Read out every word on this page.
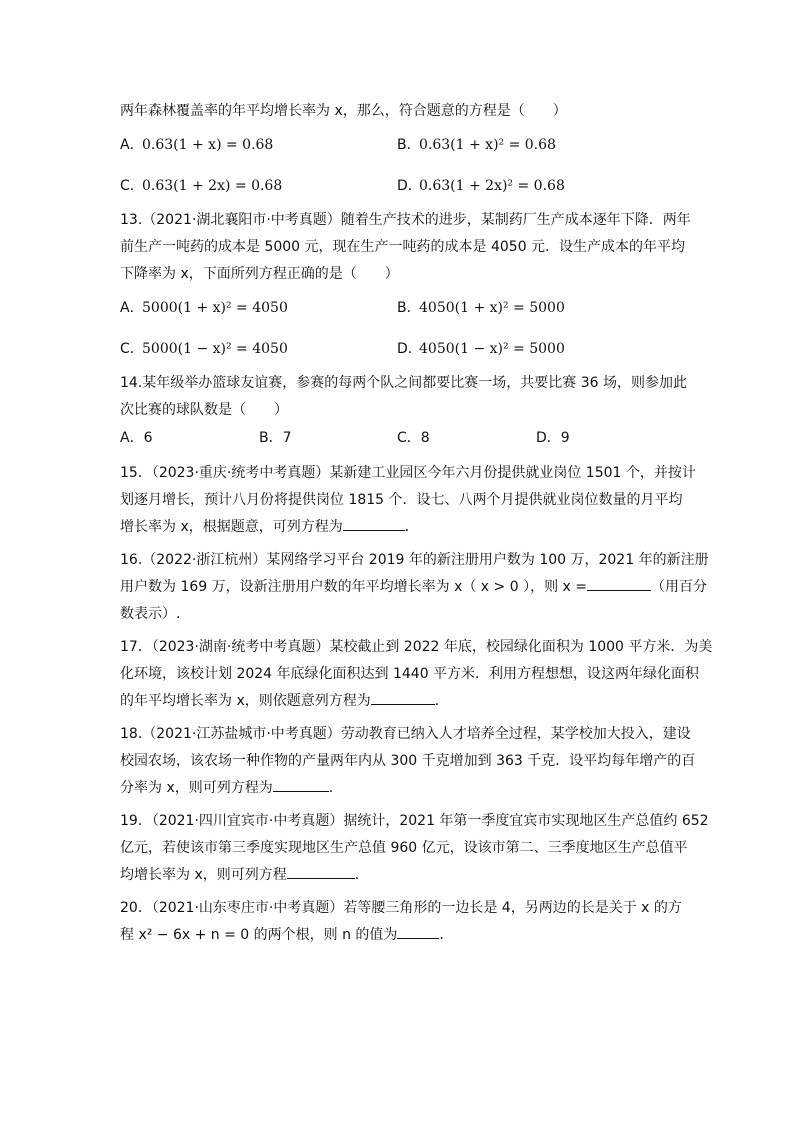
两年森林覆盖率的年平均增长率为 x，那么，符合题意的方程是（　　）
A．0.63(1 + x) = 0.68	B．0.63(1 + x)² = 0.68
C．0.63(1 + 2x) = 0.68	D．0.63(1 + 2x)² = 0.68
13.（2021·湖北襄阳市·中考真题）随着生产技术的进步，某制药厂生产成本逐年下降．两年
前生产一吨药的成本是 5000 元，现在生产一吨药的成本是 4050 元．设生产成本的年平均
下降率为 x，下面所列方程正确的是（　　）
A．5000(1 + x)² = 4050	B．4050(1 + x)² = 5000
C．5000(1 − x)² = 4050	D．4050(1 − x)² = 5000
14.某年级举办篮球友谊赛，参赛的每两个队之间都要比赛一场，共要比赛 36 场，则参加此
次比赛的球队数是（　　）
A．6	B．7	C．8	D．9
15．（2023·重庆·统考中考真题）某新建工业园区今年六月份提供就业岗位 1501 个，并按计
划逐月增长，预计八月份将提供岗位 1815 个．设七、八两个月提供就业岗位数量的月平均
增长率为 x，根据题意，可列方程为	．
16.（2022·浙江杭州）某网络学习平台 2019 年的新注册用户数为 100 万，2021 年的新注册
用户数为 169 万，设新注册用户数的年平均增长率为 x（ x > 0 ），则 x =	（用百分
数表示）.
17．（2023·湖南·统考中考真题）某校截止到 2022 年底，校园绿化面积为 1000 平方米．为美
化环境，该校计划 2024 年底绿化面积达到 1440 平方米．利用方程想想，设这两年绿化面积
的年平均增长率为 x，则依题意列方程为	．
18.（2021·江苏盐城市·中考真题）劳动教育已纳入人才培养全过程，某学校加大投入，建设
校园农场，该农场一种作物的产量两年内从 300 千克增加到 363 千克．设平均每年增产的百
分率为 x，则可列方程为	．
19．（2021·四川宜宾市·中考真题）据统计，2021 年第一季度宜宾市实现地区生产总值约 652
亿元，若使该市第三季度实现地区生产总值 960 亿元，设该市第二、三季度地区生产总值平
均增长率为 x，则可列方程	.
20．（2021·山东枣庄市·中考真题）若等腰三角形的一边长是 4，另两边的长是关于 x 的方
程 x² − 6x + n = 0 的两个根，则 n 的值为	．
